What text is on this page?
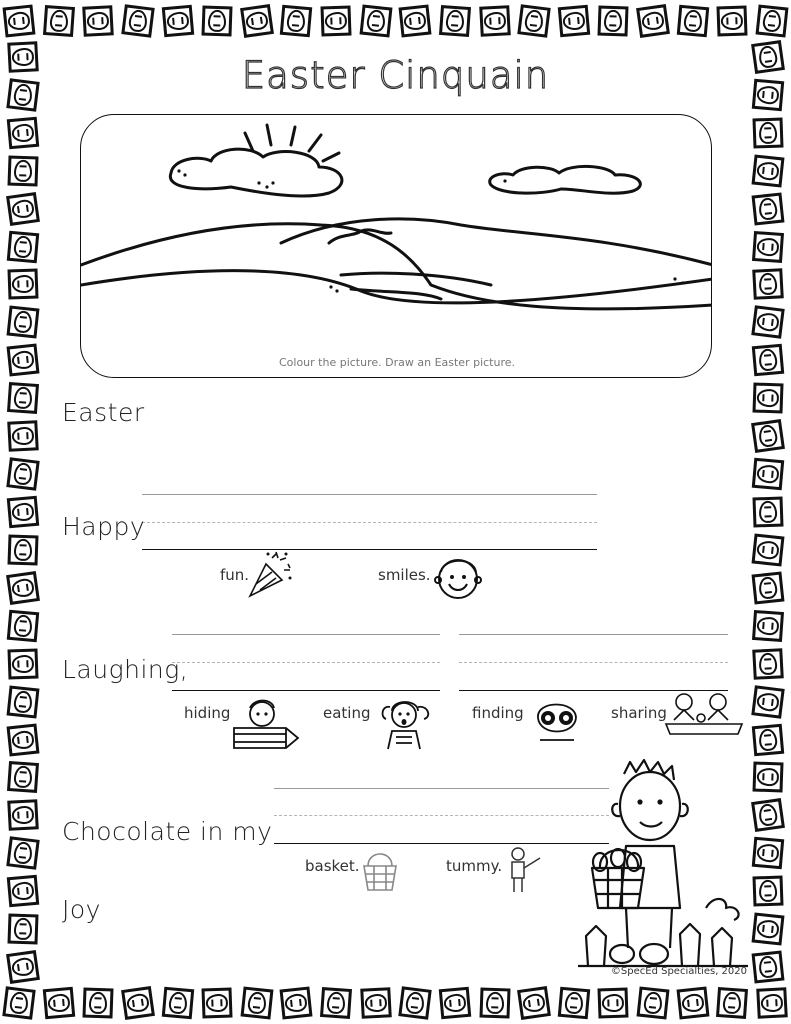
Easter Cinquain
Colour the picture. Draw an Easter picture.
Easter
Happy
fun.	smiles.
Laughing,
hiding	eating	finding	sharing
Chocolate in my
basket.	tummy.
Joy
©SpecEd Specialties, 2020
